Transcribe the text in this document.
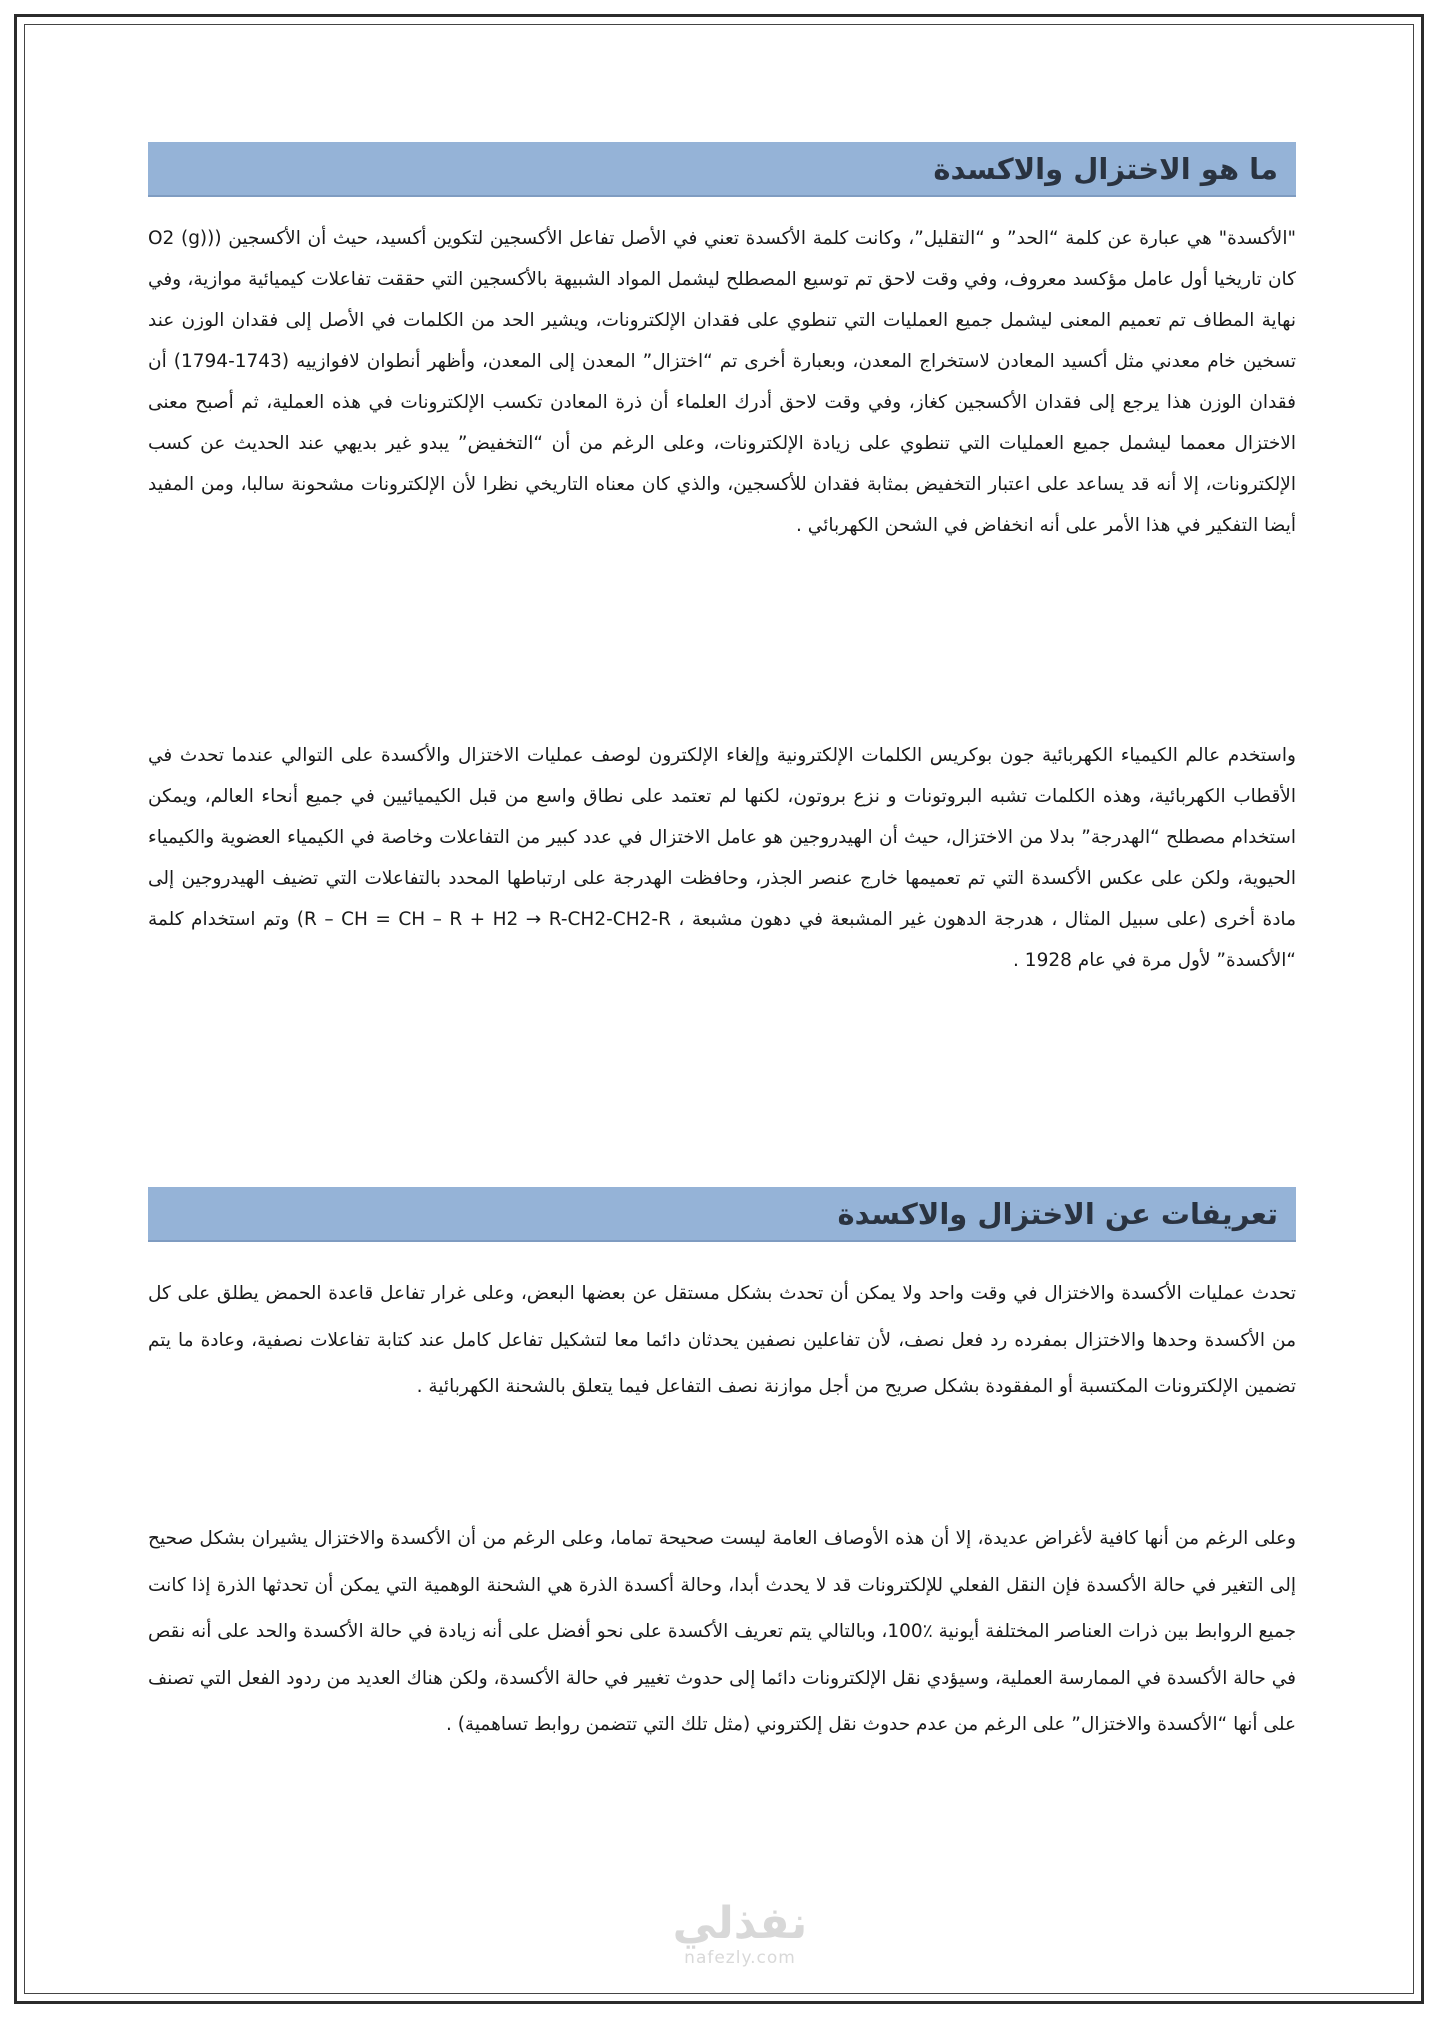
ما هو الاختزال والاكسدة

"الأكسدة" هي عبارة عن كلمة “الحد” و “التقليل”، وكانت كلمة الأكسدة تعني في الأصل تفاعل الأكسجين لتكوين أكسيد، حيث أن الأكسجين ((O2 (g) كان تاريخيا أول عامل مؤكسد معروف، وفي وقت لاحق تم توسيع المصطلح ليشمل المواد الشبيهة بالأكسجين التي حققت تفاعلات كيميائية موازية، وفي نهاية المطاف تم تعميم المعنى ليشمل جميع العمليات التي تنطوي على فقدان الإلكترونات، ويشير الحد من الكلمات في الأصل إلى فقدان الوزن عند تسخين خام معدني مثل أكسيد المعادن لاستخراج المعدن، وبعبارة أخرى تم “اختزال” المعدن إلى المعدن، وأظهر أنطوان لافوازييه (1743-1794) أن فقدان الوزن هذا يرجع إلى فقدان الأكسجين كغاز، وفي وقت لاحق أدرك العلماء أن ذرة المعادن تكسب الإلكترونات في هذه العملية، ثم أصبح معنى الاختزال معمما ليشمل جميع العمليات التي تنطوي على زيادة الإلكترونات، وعلى الرغم من أن “التخفيض” يبدو غير بديهي عند الحديث عن كسب الإلكترونات، إلا أنه قد يساعد على اعتبار التخفيض بمثابة فقدان للأكسجين، والذي كان معناه التاريخي نظرا لأن الإلكترونات مشحونة سالبا، ومن المفيد أيضا التفكير في هذا الأمر على أنه انخفاض في الشحن الكهربائي .

واستخدم عالم الكيمياء الكهربائية جون بوكريس الكلمات الإلكترونية وإلغاء الإلكترون لوصف عمليات الاختزال والأكسدة على التوالي عندما تحدث في الأقطاب الكهربائية، وهذه الكلمات تشبه البروتونات و نزع بروتون، لكنها لم تعتمد على نطاق واسع من قبل الكيميائيين في جميع أنحاء العالم، ويمكن استخدام مصطلح “الهدرجة” بدلا من الاختزال، حيث أن الهيدروجين هو عامل الاختزال في عدد كبير من التفاعلات وخاصة في الكيمياء العضوية والكيمياء الحيوية، ولكن على عكس الأكسدة التي تم تعميمها خارج عنصر الجذر، وحافظت الهدرجة على ارتباطها المحدد بالتفاعلات التي تضيف الهيدروجين إلى مادة أخرى (على سبيل المثال ، هدرجة الدهون غير المشبعة في دهون مشبعة ، R – CH = CH – R + H2 → R-CH2-CH2-R) وتم استخدام كلمة “الأكسدة” لأول مرة في عام 1928 .

تعريفات عن الاختزال والاكسدة

تحدث عمليات الأكسدة والاختزال في وقت واحد ولا يمكن أن تحدث بشكل مستقل عن بعضها البعض، وعلى غرار تفاعل قاعدة الحمض يطلق على كل من الأكسدة وحدها والاختزال بمفرده رد فعل نصف، لأن تفاعلين نصفين يحدثان دائما معا لتشكيل تفاعل كامل عند كتابة تفاعلات نصفية، وعادة ما يتم تضمين الإلكترونات المكتسبة أو المفقودة بشكل صريح من أجل موازنة نصف التفاعل فيما يتعلق بالشحنة الكهربائية .

وعلى الرغم من أنها كافية لأغراض عديدة، إلا أن هذه الأوصاف العامة ليست صحيحة تماما، وعلى الرغم من أن الأكسدة والاختزال يشيران بشكل صحيح إلى التغير في حالة الأكسدة فإن النقل الفعلي للإلكترونات قد لا يحدث أبدا، وحالة أكسدة الذرة هي الشحنة الوهمية التي يمكن أن تحدثها الذرة إذا كانت جميع الروابط بين ذرات العناصر المختلفة أيونية ٪100، وبالتالي يتم تعريف الأكسدة على نحو أفضل على أنه زيادة في حالة الأكسدة والحد على أنه نقص في حالة الأكسدة في الممارسة العملية، وسيؤدي نقل الإلكترونات دائما إلى حدوث تغيير في حالة الأكسدة، ولكن هناك العديد من ردود الفعل التي تصنف على أنها “الأكسدة والاختزال” على الرغم من عدم حدوث نقل إلكتروني (مثل تلك التي تتضمن روابط تساهمية) .

نفذلي
nafezly.com
